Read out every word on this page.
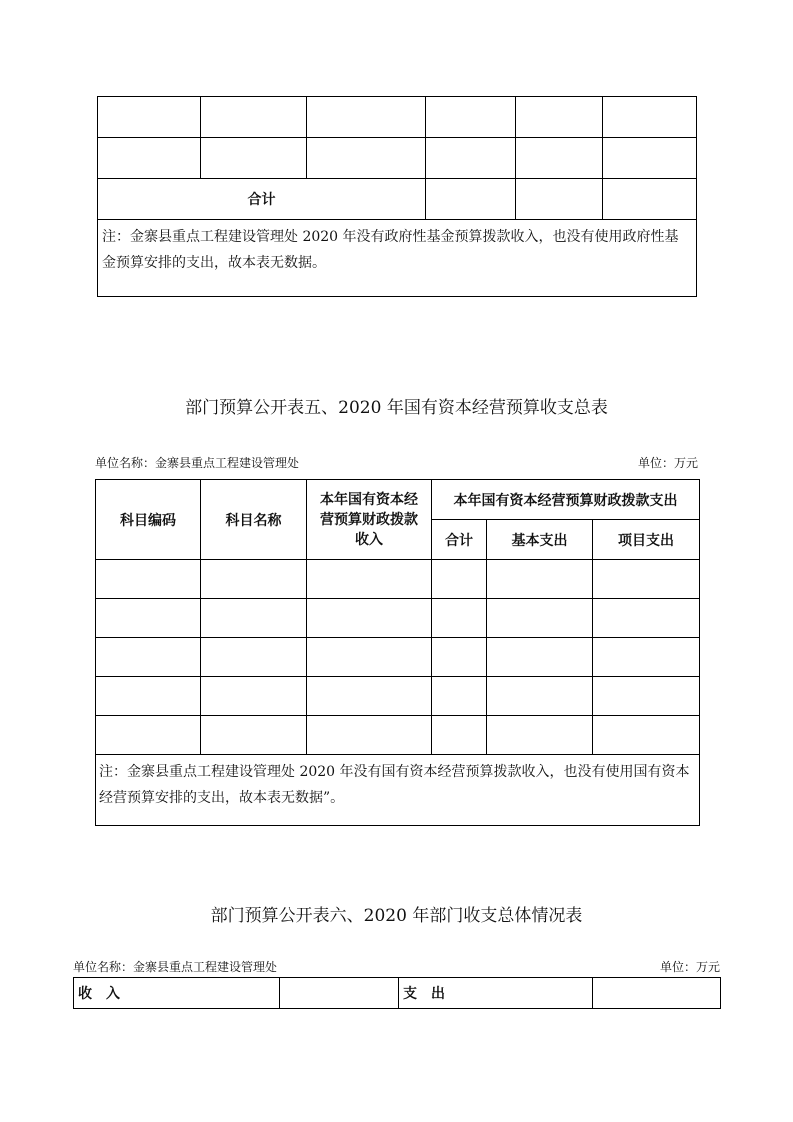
合计					
注：金寨县重点工程建设管理处 2020 年没有政府性基金预算拨款收入，也没有使用政府性基金预算安排的支出，故本表无数据。					
部门预算公开表五、2020 年国有资本经营预算收支总表
单位名称：金寨县重点工程建设管理处	单位：万元
科目编码	科目名称	本年国有资本经
营预算财政拨款
收入	本年国有资本经营预算财政拨款支出		
			合计	基本支出	项目支出

注：金寨县重点工程建设管理处 2020 年没有国有资本经营预算拨款收入，也没有使用国有资本经营预算安排的支出，故本表无数据”。					
部门预算公开表六、2020 年部门收支总体情况表
单位名称：金寨县重点工程建设管理处	单位：万元
收　入		支　出	
